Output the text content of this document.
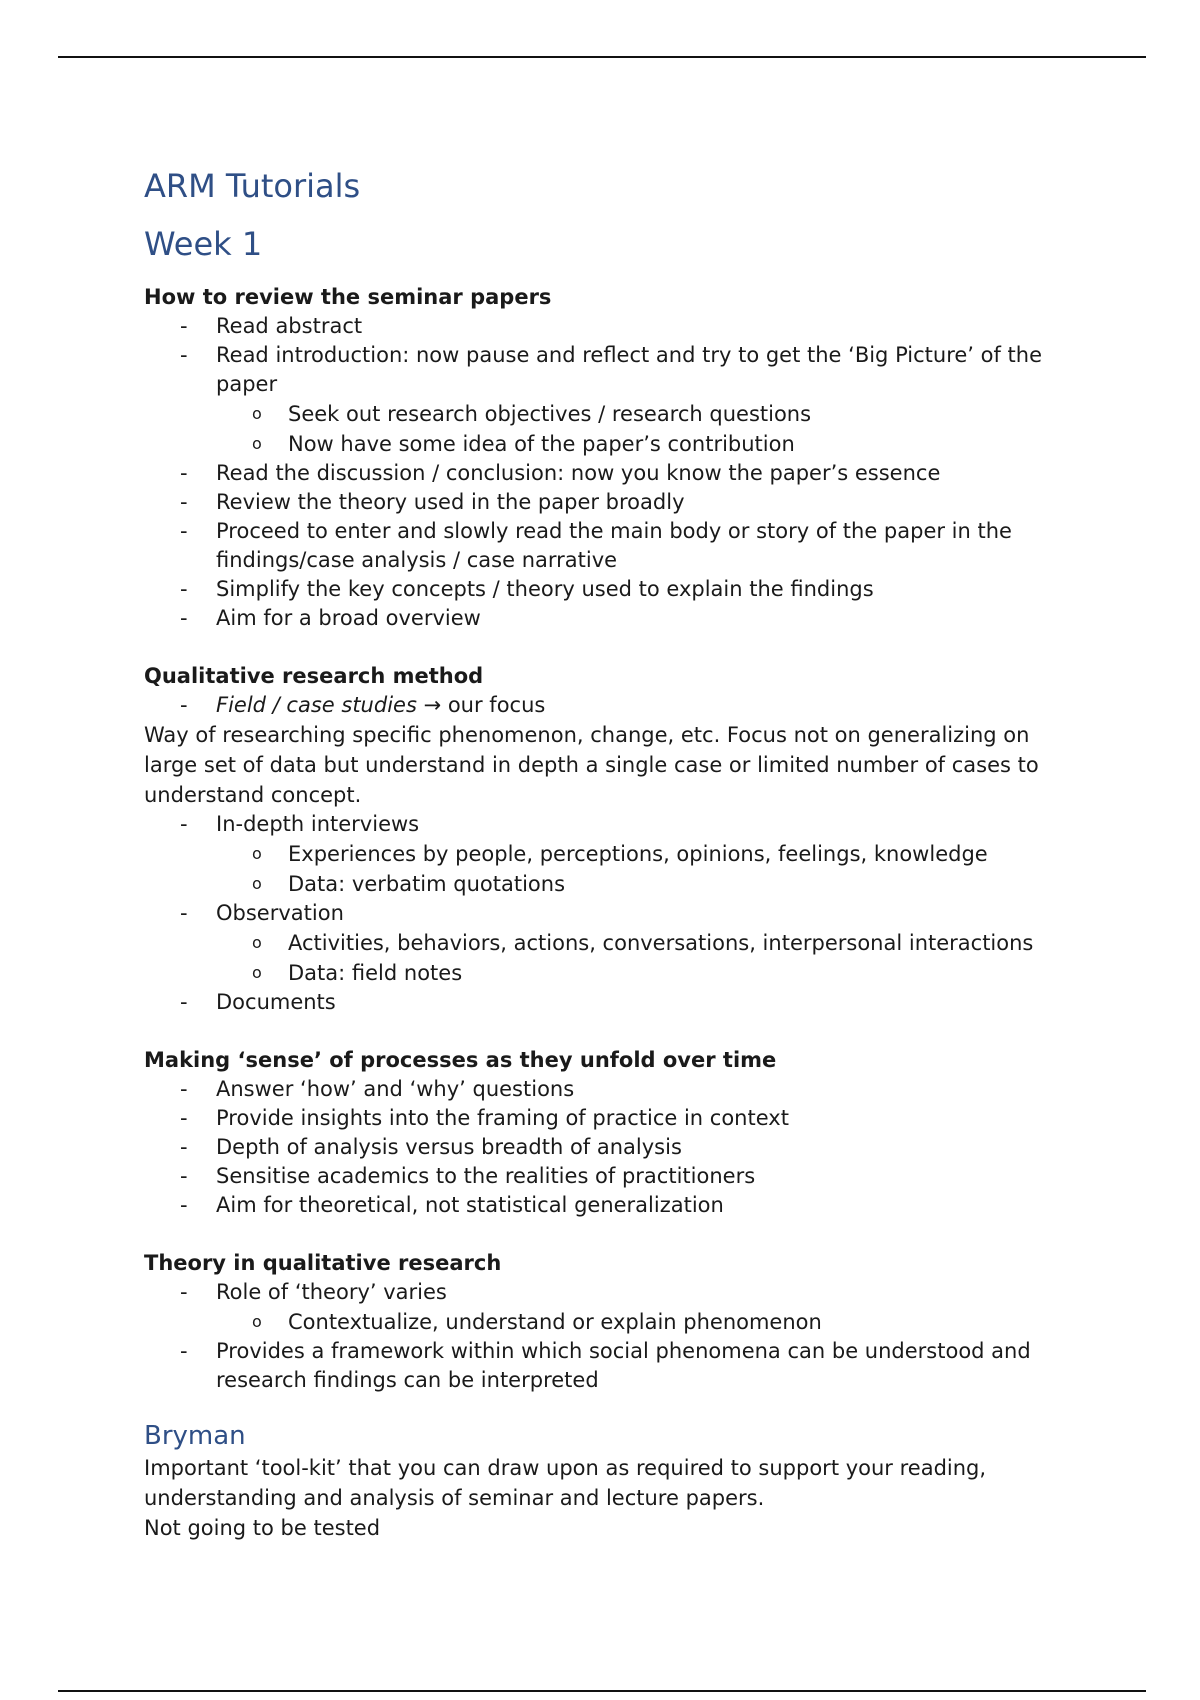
ARM Tutorials
Week 1

How to review the seminar papers

-	Read abstract
-	Read introduction: now pause and reflect and try to get the ‘Big Picture’ of the paper
o Seek out research objectives / research questions
o Now have some idea of the paper’s contribution
-	Read the discussion / conclusion: now you know the paper’s essence
-	Review the theory used in the paper broadly
-	Proceed to enter and slowly read the main body or story of the paper in the findings/case analysis / case narrative
-	Simplify the key concepts / theory used to explain the findings
-	Aim for a broad overview

Qualitative research method

-	Field / case studies → our focus

Way of researching specific phenomenon, change, etc. Focus not on generalizing on large set of data but understand in depth a single case or limited number of cases to understand concept.

-	In-depth interviews
o Experiences by people, perceptions, opinions, feelings, knowledge
o Data: verbatim quotations
-	Observation
o Activities, behaviors, actions, conversations, interpersonal interactions
o Data: field notes
-	Documents

Making ‘sense’ of processes as they unfold over time

-	Answer ‘how’ and ‘why’ questions
-	Provide insights into the framing of practice in context
-	Depth of analysis versus breadth of analysis
-	Sensitise academics to the realities of practitioners
-	Aim for theoretical, not statistical generalization

Theory in qualitative research

-	Role of ‘theory’ varies
o Contextualize, understand or explain phenomenon
-	Provides a framework within which social phenomena can be understood and research findings can be interpreted
Bryman

Important ‘tool-kit’ that you can draw upon as required to support your reading, understanding and analysis of seminar and lecture papers.

Not going to be tested
